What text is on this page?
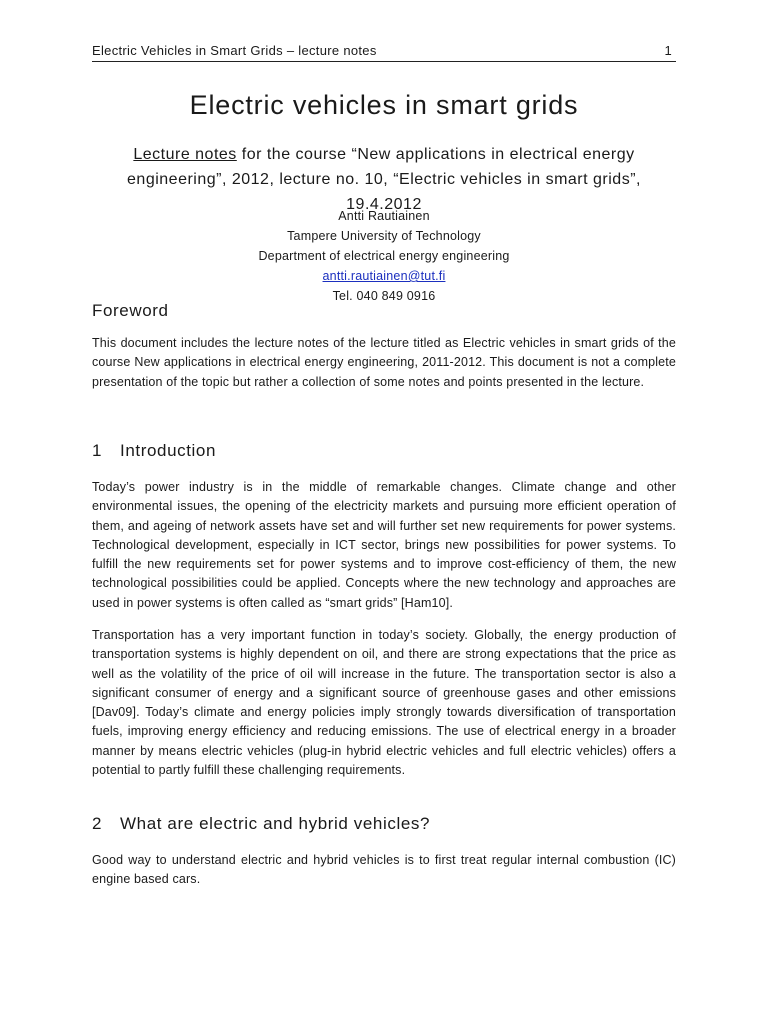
Electric Vehicles in Smart Grids – lecture notes	1
Electric vehicles in smart grids
Lecture notes for the course “New applications in electrical energy
engineering”, 2012, lecture no. 10, “Electric vehicles in smart grids”, 19.4.2012
Antti Rautiainen
Tampere University of Technology
Department of electrical energy engineering
antti.rautiainen@tut.fi
Tel. 040 849 0916
Foreword

This document includes the lecture notes of the lecture titled as Electric vehicles in smart grids of the course New applications in electrical energy engineering, 2011-2012. This document is not a complete presentation of the topic but rather a collection of some notes and points presented in the lecture.

1 Introduction

Today’s power industry is in the middle of remarkable changes. Climate change and other environmental issues, the opening of the electricity markets and pursuing more efficient operation of them, and ageing of network assets have set and will further set new requirements for power systems. Technological development, especially in ICT sector, brings new possibilities for power systems. To fulfill the new requirements set for power systems and to improve cost-efficiency of them, the new technological possibilities could be applied. Concepts where the new technology and approaches are used in power systems is often called as “smart grids” [Ham10].

Transportation has a very important function in today’s society. Globally, the energy production of transportation systems is highly dependent on oil, and there are strong expectations that the price as well as the volatility of the price of oil will increase in the future. The transportation sector is also a significant consumer of energy and a significant source of greenhouse gases and other emissions [Dav09]. Today’s climate and energy policies imply strongly towards diversification of transportation fuels, improving energy efficiency and reducing emissions. The use of electrical energy in a broader manner by means electric vehicles (plug-in hybrid electric vehicles and full electric vehicles) offers a potential to partly fulfill these challenging requirements.

2 What are electric and hybrid vehicles?

Good way to understand electric and hybrid vehicles is to first treat regular internal combustion (IC) engine based cars.
